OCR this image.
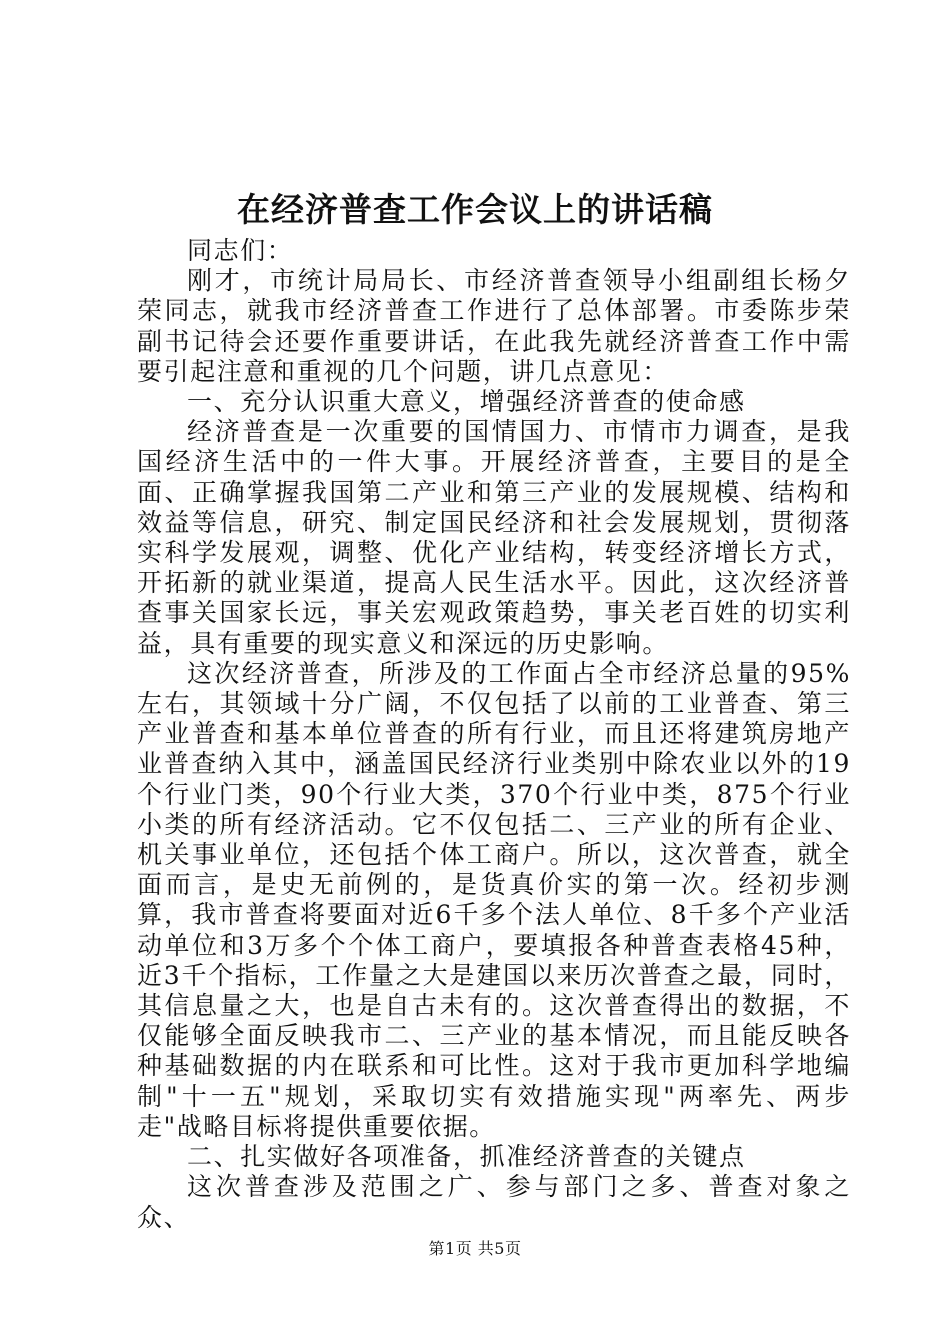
在经济普查工作会议上的讲话稿

同志们：

刚才，市统计局局长、市经济普查领导小组副组长杨夕荣同志，就我市经济普查工作进行了总体部署。市委陈步荣副书记待会还要作重要讲话，在此我先就经济普查工作中需要引起注意和重视的几个问题，讲几点意见：

一、充分认识重大意义，增强经济普查的使命感

经济普查是一次重要的国情国力、市情市力调查，是我国经济生活中的一件大事。开展经济普查，主要目的是全面、正确掌握我国第二产业和第三产业的发展规模、结构和效益等信息，研究、制定国民经济和社会发展规划，贯彻落实科学发展观，调整、优化产业结构，转变经济增长方式，开拓新的就业渠道，提高人民生活水平。因此，这次经济普查事关国家长远，事关宏观政策趋势，事关老百姓的切实利益，具有重要的现实意义和深远的历史影响。

这次经济普查，所涉及的工作面占全市经济总量的95%左右，其领域十分广阔，不仅包括了以前的工业普查、第三产业普查和基本单位普查的所有行业，而且还将建筑房地产业普查纳入其中，涵盖国民经济行业类别中除农业以外的19个行业门类，90个行业大类，370个行业中类，875个行业小类的所有经济活动。它不仅包括二、三产业的所有企业、机关事业单位，还包括个体工商户。所以，这次普查，就全面而言，是史无前例的，是货真价实的第一次。经初步测算，我市普查将要面对近6千多个法人单位、8千多个产业活动单位和3万多个个体工商户，要填报各种普查表格45种，近3千个指标，工作量之大是建国以来历次普查之最，同时，其信息量之大，也是自古未有的。这次普查得出的数据，不仅能够全面反映我市二、三产业的基本情况，而且能反映各种基础数据的内在联系和可比性。这对于我市更加科学地编制"十一五"规划，采取切实有效措施实现"两率先、两步走"战略目标将提供重要依据。

二、扎实做好各项准备，抓准经济普查的关键点

这次普查涉及范围之广、参与部门之多、普查对象之众、

第1页 共5页
